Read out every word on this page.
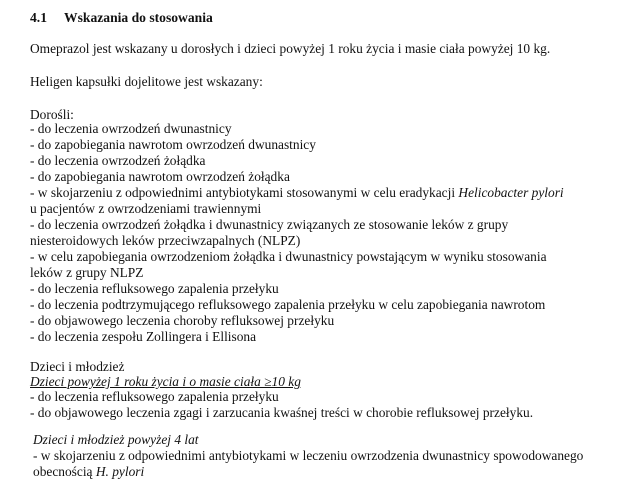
4.1 Wskazania do stosowania
Omeprazol jest wskazany u dorosłych i dzieci powyżej 1 roku życia i masie ciała powyżej 10 kg.
Heligen kapsułki dojelitowe jest wskazany:
Dorośli:
- do leczenia owrzodzeń dwunastnicy
- do zapobiegania nawrotom owrzodzeń dwunastnicy
- do leczenia owrzodzeń żołądka
- do zapobiegania nawrotom owrzodzeń żołądka
- w skojarzeniu z odpowiednimi antybiotykami stosowanymi w celu eradykacji Helicobacter pylori
u pacjentów z owrzodzeniami trawiennymi
- do leczenia owrzodzeń żołądka i dwunastnicy związanych ze stosowanie leków z grupy
niesteroidowych leków przeciwzapalnych (NLPZ)
- w celu zapobiegania owrzodzeniom żołądka i dwunastnicy powstającym w wyniku stosowania
leków z grupy NLPZ
- do leczenia refluksowego zapalenia przełyku
- do leczenia podtrzymującego refluksowego zapalenia przełyku w celu zapobiegania nawrotom
- do objawowego leczenia choroby refluksowej przełyku
- do leczenia zespołu Zollingera i Ellisona
Dzieci i młodzież
Dzieci powyżej 1 roku życia i o masie ciała ≥10 kg
- do leczenia refluksowego zapalenia przełyku
- do objawowego leczenia zgagi i zarzucania kwaśnej treści w chorobie refluksowej przełyku.
Dzieci i młodzież powyżej 4 lat
- w skojarzeniu z odpowiednimi antybiotykami w leczeniu owrzodzenia dwunastnicy spowodowanego
obecnością H. pylori
